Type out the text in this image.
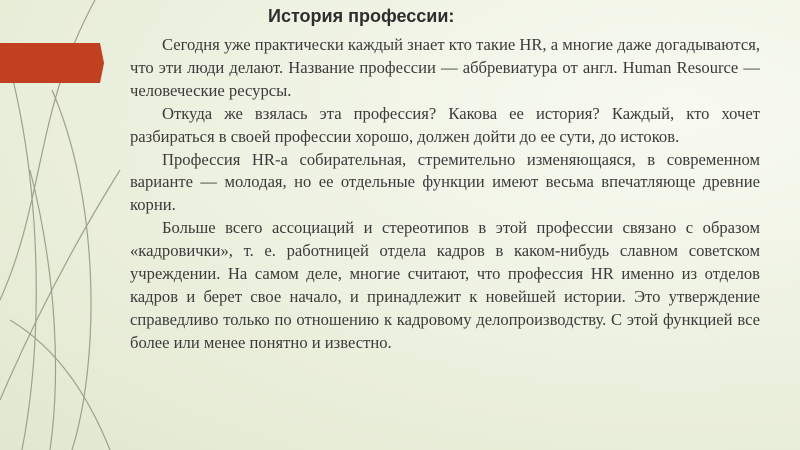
История профессии:

Сегодня уже практически каждый знает кто такие HR, а многие даже догадываются, что эти люди делают. Название профессии — аббревиатура от англ. Human Resource — человеческие ресурсы.

Откуда же взялась эта профессия? Какова ее история? Каждый, кто хочет разбираться в своей профессии хорошо, должен дойти до ее сути, до истоков.

Профессия HR-а собирательная, стремительно изменяющаяся, в современном варианте — молодая, но ее отдельные функции имеют весьма впечатляюще древние корни.

Больше всего ассоциаций и стереотипов в этой профессии связано с образом «кадровички», т. е. работницей отдела кадров в каком-нибудь славном советском учреждении. На самом деле, многие считают, что профессия HR именно из отделов кадров и берет свое начало, и принадлежит к новейшей истории. Это утверждение справедливо только по отношению к кадровому делопроизводству. С этой функцией все более или менее понятно и известно.
